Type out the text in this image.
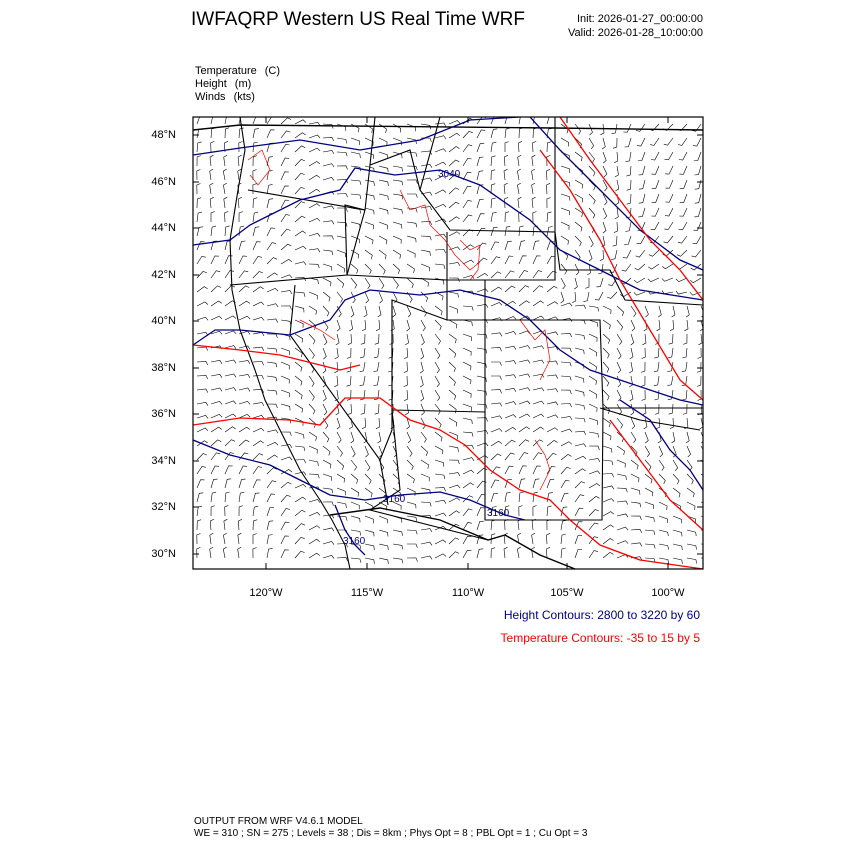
IWFAQRP Western US Real Time WRF	Init: 2026-01-27_00:00:00
Valid: 2026-01-28_10:00:00
Temperature (C)
Height (m)
Winds (kts)
3040
3160
3160
3160
48°N
46°N
44°N
42°N
40°N
38°N
36°N
34°N
32°N
30°N
120°W	115°W	110°W	105°W	100°W
Height Contours: 2800 to 3220 by 60
Temperature Contours: -35 to 15 by 5
OUTPUT FROM WRF V4.6.1 MODEL
WE = 310 ; SN = 275 ; Levels = 38 ; Dis = 8km ; Phys Opt = 8 ; PBL Opt = 1 ; Cu Opt = 3
